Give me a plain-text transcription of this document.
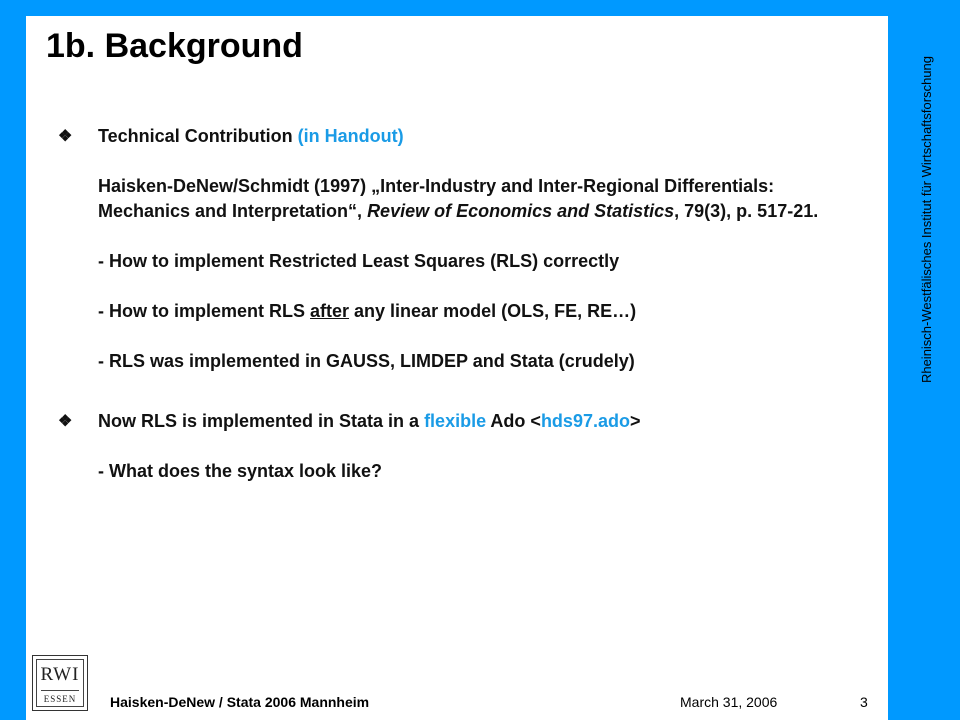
1b. Background
❖	Technical Contribution (in Handout)
Haisken-DeNew/Schmidt (1997) „Inter-Industry and Inter-Regional Differentials: Mechanics and Interpretation“, Review of Economics and Statistics, 79(3), p. 517-21.
- How to implement Restricted Least Squares (RLS) correctly
- How to implement RLS after any linear model (OLS, FE, RE…)
- RLS was implemented in GAUSS, LIMDEP and Stata (crudely)
❖	Now RLS is implemented in Stata in a flexible Ado <hds97.ado>
- What does the syntax look like?
Rheinisch-Westfälisches Institut für Wirtschaftsforschung
RWI
ESSEN	Haisken-DeNew / Stata 2006 Mannheim	March 31, 2006	3
